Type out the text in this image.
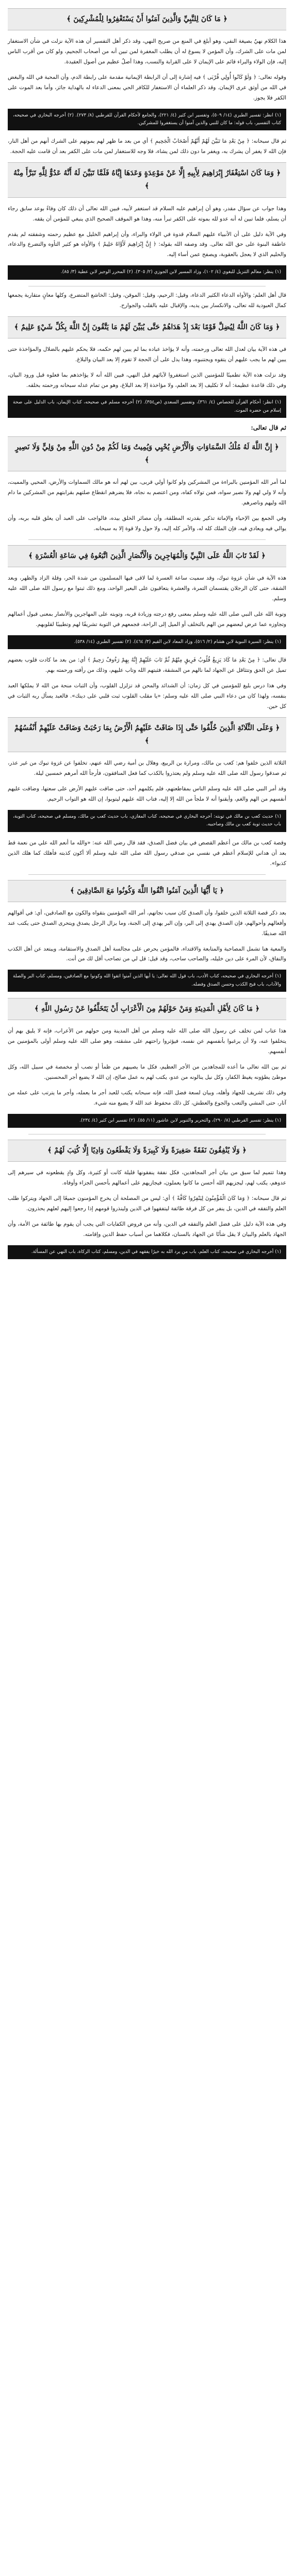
﴿ مَا كَانَ لِلنَّبِيِّ وَالَّذِينَ آمَنُوا أَنْ يَسْتَغْفِرُوا لِلْمُشْرِكِينَ ﴾

هذا الكلام نهيٌ بصيغة النفي، وهو أبلغ في المنع من صريح النهي، وقد ذكر أهل التفسير أن هذه الآية نزلت في شأن الاستغفار لمن مات على الشرك، وأن المؤمن لا يسوغ له أن يطلب المغفرة لمن تبين أنه من أصحاب الجحيم، ولو كان من أقرب الناس إليه، فإن الولاء والبراء قائم على الإيمان لا على القرابة والنسب، وهذا أصلٌ عظيم من أصول العقيدة.

وقوله تعالى: ﴿ وَلَوْ كَانُوا أُولِي قُرْبَى ﴾ فيه إشارة إلى أن الرابطة الإيمانية مقدمة على رابطة الدم، وأن المحبة في الله والبغض في الله من أوثق عرى الإيمان. وقد ذكر العلماء أن الاستغفار للكافر الحي بمعنى الدعاء له بالهداية جائز، وأما بعد الموت على الكفر فلا يجوز.

(١) انظر: تفسير الطبري (١٤/ ٥٠٩)، وتفسير ابن كثير (٤/ ٢٢١)، والجامع لأحكام القرآن للقرطبي (٨/ ٢٧٣). (٢) أخرجه البخاري في صحيحه، كتاب التفسير، باب قوله: ما كان للنبي والذين آمنوا أن يستغفروا للمشركين.

ثم قال سبحانه: ﴿ مِنْ بَعْدِ مَا تَبَيَّنَ لَهُمْ أَنَّهُمْ أَصْحَابُ الْجَحِيمِ ﴾ أي من بعد ما ظهر لهم بموتهم على الشرك أنهم من أهل النار، فإن الله لا يغفر أن يشرك به، ويغفر ما دون ذلك لمن يشاء، فلا وجه للاستغفار لمن مات على الكفر بعد أن قامت عليه الحجة.

﴿ وَمَا كَانَ اسْتِغْفَارُ إِبْرَاهِيمَ لِأَبِيهِ إِلَّا عَنْ مَوْعِدَةٍ وَعَدَهَا إِيَّاهُ فَلَمَّا تَبَيَّنَ لَهُ أَنَّهُ عَدُوٌّ لِلَّهِ تَبَرَّأَ مِنْهُ ﴾

وهذا جواب عن سؤال مقدر، وهو أن إبراهيم عليه السلام قد استغفر لأبيه، فبين الله تعالى أن ذلك كان وفاءً بوعد سابق رجاء أن يسلم، فلما تبين له أنه عدو لله بموته على الكفر تبرأ منه، وهذا هو الموقف الصحيح الذي ينبغي للمؤمن أن يقفه.

وفي الآية دليل على أن الأنبياء عليهم السلام قدوة في الولاء والبراء، وأن إبراهيم الخليل مع عظيم رحمته وشفقته لم يقدم عاطفة البنوة على حق الله تعالى. وقد وصفه الله بقوله: ﴿ إِنَّ إِبْرَاهِيمَ لَأَوَّاهٌ حَلِيمٌ ﴾ والأواه هو كثير التأوه والتضرع والدعاء، والحليم الذي لا يعجل بالعقوبة، ويصفح عمن أساء إليه.

(١) ينظر: معالم التنزيل للبغوي (٤/ ١٠٢)، وزاد المسير لابن الجوزي (٢/ ٣٠٥). (٢) المحرر الوجيز لابن عطية (٣/ ٨٥).

قال أهل العلم: والأواه الدعاء الكثير الدعاء، وقيل: الرحيم، وقيل: الموقن، وقيل: الخاشع المتضرع، وكلها معانٍ متقاربة يجمعها كمال العبودية لله تعالى، والانكسار بين يديه، والإقبال عليه بالقلب والجوارح.

﴿ وَمَا كَانَ اللَّهُ لِيُضِلَّ قَوْمًا بَعْدَ إِذْ هَدَاهُمْ حَتَّى يُبَيِّنَ لَهُمْ مَا يَتَّقُونَ إِنَّ اللَّهَ بِكُلِّ شَيْءٍ عَلِيمٌ ﴾

في هذه الآية بيان لعدل الله تعالى ورحمته، وأنه لا يؤاخذ عباده بما لم يبين لهم حكمه، فلا يحكم عليهم بالضلال والمؤاخذة حتى يبين لهم ما يجب عليهم أن يتقوه ويجتنبوه، وهذا يدل على أن الحجة لا تقوم إلا بعد البيان والبلاغ.

وقد نزلت هذه الآية تطمينًا للمؤمنين الذين استغفروا لآبائهم قبل النهي، فبين الله أنه لا يؤاخذهم بما فعلوه قبل ورود البيان، وفي ذلك قاعدة عظيمة: أنه لا تكليف إلا بعد العلم، ولا مؤاخذة إلا بعد البلاغ، وهو من تمام عدله سبحانه ورحمته بخلقه.

(١) انظر: أحكام القرآن للجصاص (٤/ ٣٦١)، وتفسير السعدي (ص٣٥٤). (٢) أخرجه مسلم في صحيحه، كتاب الإيمان، باب الدليل على صحة إسلام من حضره الموت.

ثم قال تعالى:

﴿ إِنَّ اللَّهَ لَهُ مُلْكُ السَّمَاوَاتِ وَالْأَرْضِ يُحْيِي وَيُمِيتُ وَمَا لَكُمْ مِنْ دُونِ اللَّهِ مِنْ وَلِيٍّ وَلَا نَصِيرٍ ﴾

لما أمر الله المؤمنين بالبراءة من المشركين ولو كانوا أولي قربى، بين لهم أنه هو مالك السماوات والأرض، المحيي والمميت، وأنه لا ولي لهم ولا نصير سواه، فمن تولاه كفاه، ومن اعتصم به نجاه، فلا يضرهم انقطاع صلتهم بقرابتهم من المشركين ما دام الله وليهم وناصرهم.

وفي الجمع بين الإحياء والإماتة تذكير بقدرته المطلقة، وأن مصائر الخلق بيده، فالواجب على العبد أن يعلق قلبه بربه، وأن يوالي فيه ويعادي فيه، فإن الملك كله له، والأمر كله إليه، ولا حول ولا قوة إلا به سبحانه.

﴿ لَقَدْ تَابَ اللَّهُ عَلَى النَّبِيِّ وَالْمُهَاجِرِينَ وَالْأَنْصَارِ الَّذِينَ اتَّبَعُوهُ فِي سَاعَةِ الْعُسْرَةِ ﴾

هذه الآية في شأن غزوة تبوك، وقد سميت ساعة العسرة لما لاقى فيها المسلمون من شدة الحر، وقلة الزاد والظهر، وبعد الشقة، حتى كان الرجلان يقتسمان التمرة، والعشرة يتعاقبون على البعير الواحد، ومع ذلك ثبتوا مع رسول الله صلى الله عليه وسلم.

وتوبة الله على النبي صلى الله عليه وسلم بمعنى رفع درجته وزيادة قربه، وتوبته على المهاجرين والأنصار بمعنى قبول أعمالهم وتجاوزه عما عرض لبعضهم من الهم بالتخلف أو الميل إلى الراحة، فجمعهم في التوبة تشريفًا لهم وتطييبًا لقلوبهم.

(١) ينظر: السيرة النبوية لابن هشام (٢/ ٥١٦)، وزاد المعاد لابن القيم (٣/ ٤٦٤). (٢) تفسير الطبري (١٤/ ٥٣٨).

قال تعالى: ﴿ مِنْ بَعْدِ مَا كَادَ يَزِيغُ قُلُوبُ فَرِيقٍ مِنْهُمْ ثُمَّ تَابَ عَلَيْهِمْ إِنَّهُ بِهِمْ رَءُوفٌ رَحِيمٌ ﴾ أي: من بعد ما كادت قلوب بعضهم تميل عن الحق وتتثاقل عن الجهاد لما نالهم من المشقة، فثبتهم الله وتاب عليهم، وذلك من رأفته ورحمته بهم.

وفي هذا درس بليغ للمؤمنين في كل زمان: أن الشدائد والمحن قد تزلزل القلوب، وأن الثبات منحة من الله لا يملكها العبد بنفسه، ولهذا كان من دعاء النبي صلى الله عليه وسلم: «يا مقلب القلوب ثبت قلبي على دينك». فالعبد يسأل ربه الثبات في كل حين.

﴿ وَعَلَى الثَّلَاثَةِ الَّذِينَ خُلِّفُوا حَتَّى إِذَا ضَاقَتْ عَلَيْهِمُ الْأَرْضُ بِمَا رَحُبَتْ وَضَاقَتْ عَلَيْهِمْ أَنْفُسُهُمْ ﴾

الثلاثة الذين خلفوا هم: كعب بن مالك، ومرارة بن الربيع، وهلال بن أمية رضي الله عنهم، تخلفوا عن غزوة تبوك من غير عذر، ثم صدقوا رسول الله صلى الله عليه وسلم ولم يعتذروا بالكذب كما فعل المنافقون، فأرجأ الله أمرهم خمسين ليلة.

وقد أمر النبي صلى الله عليه وسلم الناس بمقاطعتهم، فلم يكلمهم أحد، حتى ضاقت عليهم الأرض على سعتها، وضاقت عليهم أنفسهم من الهم والغم، وأيقنوا أنه لا ملجأ من الله إلا إليه، فتاب الله عليهم ليتوبوا، إن الله هو التواب الرحيم.

(١) حديث كعب بن مالك في توبته: أخرجه البخاري في صحيحه، كتاب المغازي، باب حديث كعب بن مالك، ومسلم في صحيحه، كتاب التوبة، باب حديث توبة كعب بن مالك وصاحبيه.

وقصة كعب بن مالك من أعظم القصص في بيان فضل الصدق، فقد قال رضي الله عنه: «والله ما أنعم الله علي من نعمة قط بعد أن هداني للإسلام أعظم في نفسي من صدقي رسول الله صلى الله عليه وسلم ألا أكون كذبته فأهلك كما هلك الذين كذبوا».

﴿ يَا أَيُّهَا الَّذِينَ آمَنُوا اتَّقُوا اللَّهَ وَكُونُوا مَعَ الصَّادِقِينَ ﴾

بعد ذكر قصة الثلاثة الذين خلفوا، وأن الصدق كان سبب نجاتهم، أمر الله المؤمنين بتقواه والكون مع الصادقين، أي: في أقوالهم وأفعالهم وأحوالهم، فإن الصدق يهدي إلى البر، وإن البر يهدي إلى الجنة، وما يزال الرجل يصدق ويتحرى الصدق حتى يكتب عند الله صديقًا.

والمعية هنا تشمل المصاحبة والمتابعة والاقتداء، فالمؤمن يحرص على مجالسة أهل الصدق والاستقامة، ويبتعد عن أهل الكذب والنفاق، لأن المرء على دين خليله، والصاحب ساحب، وقد قيل: قل لي من تصاحب أقل لك من أنت.

(١) أخرجه البخاري في صحيحه، كتاب الأدب، باب قول الله تعالى: يا أيها الذين آمنوا اتقوا الله وكونوا مع الصادقين، ومسلم، كتاب البر والصلة والآداب، باب قبح الكذب وحسن الصدق وفضله.

﴿ مَا كَانَ لِأَهْلِ الْمَدِينَةِ وَمَنْ حَوْلَهُمْ مِنَ الْأَعْرَابِ أَنْ يَتَخَلَّفُوا عَنْ رَسُولِ اللَّهِ ﴾

هذا عتاب لمن تخلف عن رسول الله صلى الله عليه وسلم من أهل المدينة ومن حولهم من الأعراب، فإنه لا يليق بهم أن يتخلفوا عنه، ولا أن يرغبوا بأنفسهم عن نفسه، فيؤثروا راحتهم على مشقته، وهو صلى الله عليه وسلم أولى بالمؤمنين من أنفسهم.

ثم بين الله تعالى ما أعده للمجاهدين من الأجر العظيم، فكل ما يصيبهم من ظمأ أو نصب أو مخمصة في سبيل الله، وكل موطئ يطؤونه يغيظ الكفار، وكل نيل ينالونه من عدو، يكتب لهم به عمل صالح، إن الله لا يضيع أجر المحسنين.

وفي ذلك تشريف للجهاد وأهله، وبيان لسعة فضل الله، فإنه سبحانه يكتب للعبد أجر ما يعمله، وأجر ما يترتب على عمله من آثار، حتى المشي والتعب والجوع والعطش، كل ذلك محفوظ عند الله لا يضيع منه شيء.

(١) ينظر: تفسير القرطبي (٨/ ٢٩٠)، والتحرير والتنوير لابن عاشور (١١/ ٥٥). (٢) تفسير ابن كثير (٤/ ٢٣٤).

﴿ وَلَا يُنْفِقُونَ نَفَقَةً صَغِيرَةً وَلَا كَبِيرَةً وَلَا يَقْطَعُونَ وَادِيًا إِلَّا كُتِبَ لَهُمْ ﴾

وهذا تتميم لما سبق من بيان أجر المجاهدين، فكل نفقة ينفقونها قليلة كانت أو كثيرة، وكل وادٍ يقطعونه في سيرهم إلى عدوهم، يكتب لهم، ليجزيهم الله أحسن ما كانوا يعملون، فيجازيهم على أعمالهم بأحسن الجزاء وأوفاه.

ثم قال سبحانه: ﴿ وَمَا كَانَ الْمُؤْمِنُونَ لِيَنْفِرُوا كَافَّةً ﴾ أي: ليس من المصلحة أن يخرج المؤمنون جميعًا إلى الجهاد ويتركوا طلب العلم والتفقه في الدين، بل ينفر من كل فرقة طائفة ليتفقهوا في الدين ولينذروا قومهم إذا رجعوا إليهم لعلهم يحذرون.

وفي هذه الآية دليل على فضل العلم والتفقه في الدين، وأنه من فروض الكفايات التي يجب أن يقوم بها طائفة من الأمة، وأن الجهاد بالعلم والبيان لا يقل شأنًا عن الجهاد بالسنان، فكلاهما من أسباب حفظ الدين وإقامته.

(١) أخرجه البخاري في صحيحه، كتاب العلم، باب من يرد الله به خيرًا يفقهه في الدين، ومسلم، كتاب الزكاة، باب النهي عن المسألة.
